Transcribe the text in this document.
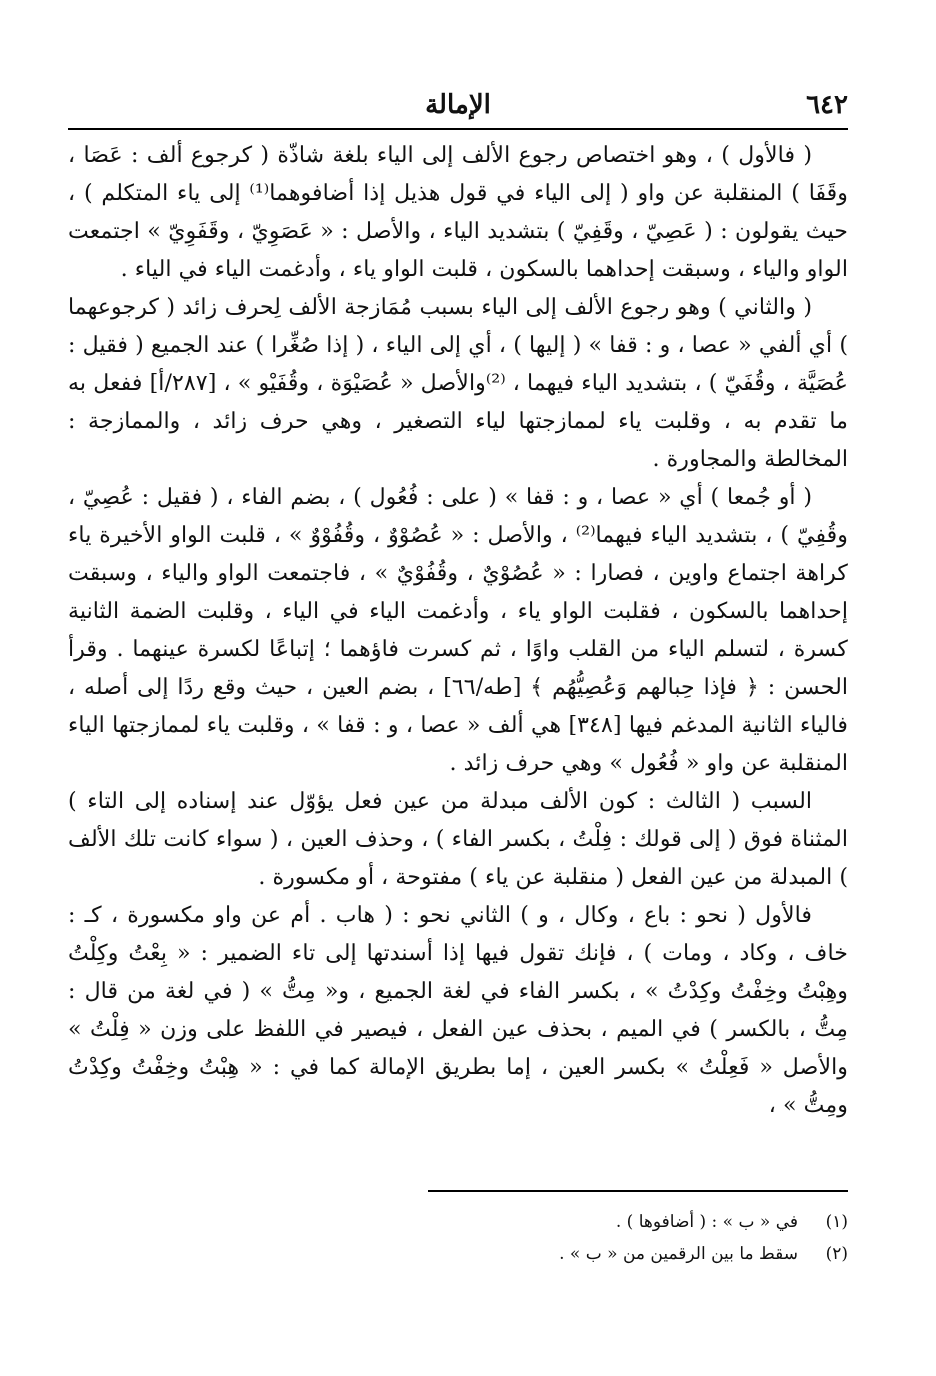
٦٤٢
الإمالة

( فالأول ) ، وهو اختصاص رجوع الألف إلى الياء بلغة شاذّة ( كرجوع ألف : عَصَا ، وقَفَا ) المنقلبة عن واو ( إلى الياء في قول هذيل إذا أضافوهما⁽¹⁾ إلى ياء المتكلم ) ، حيث يقولون : ( عَصِيّ ، وقَفِيّ ) بتشديد الياء ، والأصل : « عَصَوِيّ ، وقَفَوِيّ » اجتمعت الواو والياء ، وسبقت إحداهما بالسكون ، قلبت الواو ياء ، وأدغمت الياء في الياء .

( والثاني ) وهو رجوع الألف إلى الياء بسبب مُمَازجة الألف لِحرف زائد ( كرجوعهما ) أي ألفي « عصا ، و : قفا » ( إليها ) ، أي إلى الياء ، ( إذا صُغِّرا ) عند الجميع ( فقيل : عُصَيَّة ، وقُفَيّ ) ، بتشديد الياء فيهما ، ⁽²⁾والأصل « عُصَيْوَة ، وقُفَيْو » ، [٢٨٧/أ] ففعل به ما تقدم به ، وقلبت ياء لممازجتها لياء التصغير ، وهي حرف زائد ، والممازجة : المخالطة والمجاورة .

( أو جُمعا ) أي « عصا ، و : قفا » ( على : فُعُول ) ، بضم الفاء ، ( فقيل : عُصِيّ ، وقُفِيّ ) ، بتشديد الياء فيهما⁽²⁾ ، والأصل : « عُصُوْوٌ ، وقُفُوْوٌ » ، قلبت الواو الأخيرة ياء كراهة اجتماع واوين ، فصارا : « عُصُوْيٌ ، وقُفُوْيٌ » ، فاجتمعت الواو والياء ، وسبقت إحداهما بالسكون ، فقلبت الواو ياء ، وأدغمت الياء في الياء ، وقلبت الضمة الثانية كسرة ، لتسلم الياء من القلب واوًا ، ثم كسرت فاؤهما ؛ إتباعًا لكسرة عينهما . وقرأ الحسن : ﴿ فإذا حِبالهم وَعُصِيُّهُم ﴾ [طه/٦٦] ، بضم العين ، حيث وقع ردًا إلى أصله ، فالياء الثانية المدغم فيها [٣٤٨] هي ألف « عصا ، و : قفا » ، وقلبت ياء لممازجتها الياء المنقلبة عن واو « فُعُول » وهي حرف زائد .

السبب ( الثالث : كون الألف مبدلة من عين فعل يؤوّل عند إسناده إلى التاء ) المثناة فوق ( إلى قولك : فِلْتُ ، بكسر الفاء ) ، وحذف العين ، ( سواء كانت تلك الألف ) المبدلة من عين الفعل ( منقلبة عن ياء ) مفتوحة ، أو مكسورة .

فالأول ( نحو : باع ، وكال ، و ) الثاني نحو : ( هاب . أم عن واو مكسورة ، كـ : خاف ، وكاد ، ومات ) ، فإنك تقول فيها إذا أسندتها إلى تاء الضمير : « بِعْتُ وكِلْتُ وهِبْتُ وخِفْتُ وكِدْتُ » ، بكسر الفاء في لغة الجميع ، و« مِتُّ » ( في لغة من قال : مِتُّ ، بالكسر ) في الميم ، بحذف عين الفعل ، فيصير في اللفظ على وزن « فِلْتُ » والأصل « فَعِلْتُ » بكسر العين ، إما بطريق الإمالة كما في : « هِبْتُ وخِفْتُ وكِدْتُ ومِتُّ » ،

(١)
في « ب » : ( أضافوها ) .
(٢)
سقط ما بين الرقمين من « ب » .
